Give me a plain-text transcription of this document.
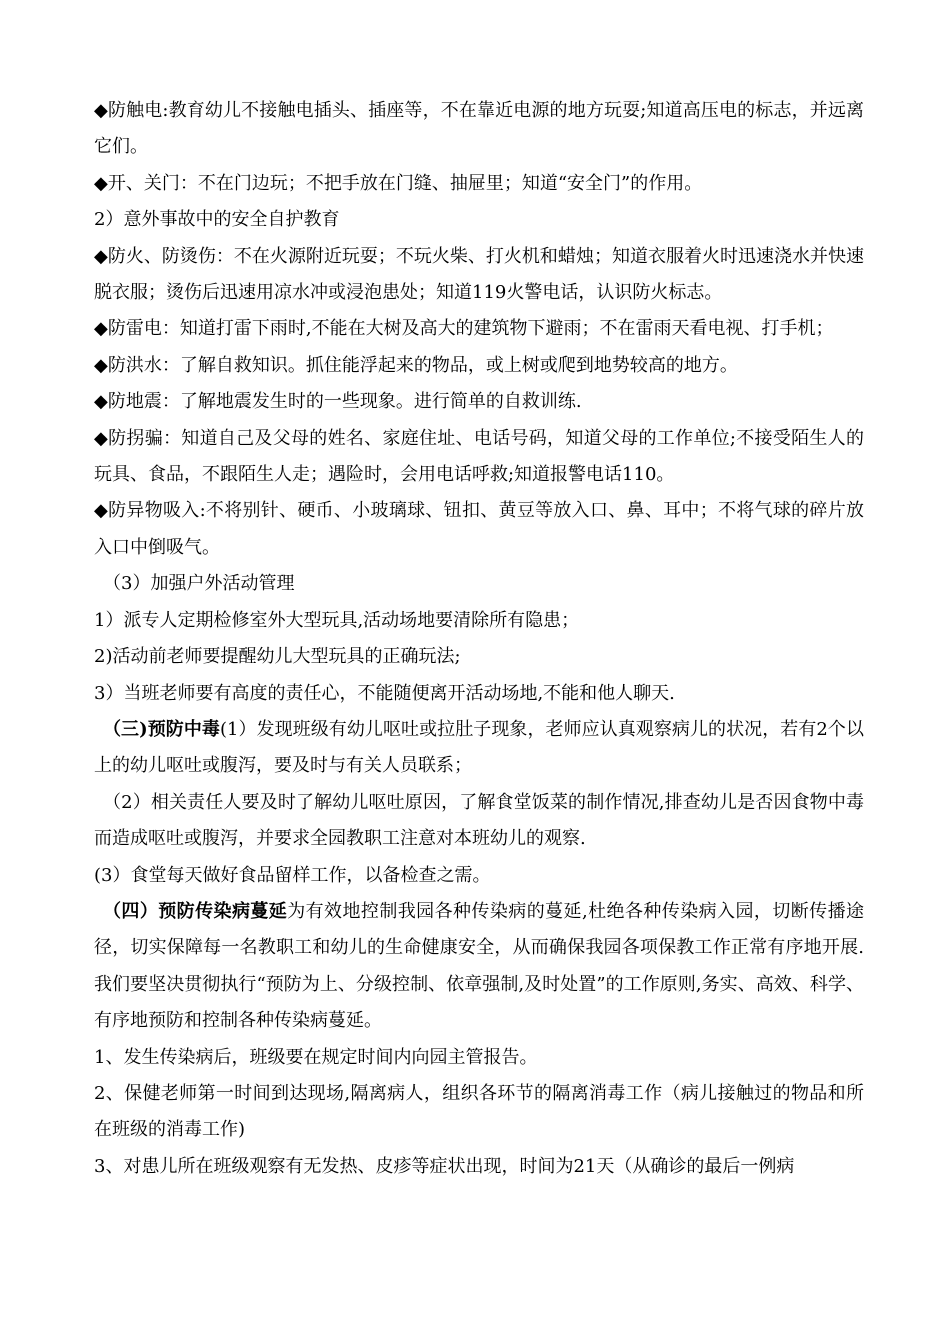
◆防触电:教育幼儿不接触电插头、插座等，不在靠近电源的地方玩耍;知道高压电的标志，并远离它们。

◆开、关门：不在门边玩；不把手放在门缝、抽屉里；知道“安全门”的作用。

2）意外事故中的安全自护教育

◆防火、防烫伤：不在火源附近玩耍；不玩火柴、打火机和蜡烛；知道衣服着火时迅速浇水并快速脱衣服；烫伤后迅速用凉水冲或浸泡患处；知道119火警电话，认识防火标志。

◆防雷电：知道打雷下雨时,不能在大树及高大的建筑物下避雨；不在雷雨天看电视、打手机；

◆防洪水：了解自救知识。抓住能浮起来的物品，或上树或爬到地势较高的地方。

◆防地震：了解地震发生时的一些现象。进行简单的自救训练.

◆防拐骗：知道自己及父母的姓名、家庭住址、电话号码，知道父母的工作单位;不接受陌生人的玩具、食品，不跟陌生人走；遇险时，会用电话呼救;知道报警电话110。

◆防异物吸入:不将别针、硬币、小玻璃球、钮扣、黄豆等放入口、鼻、耳中；不将气球的碎片放入口中倒吸气。

（3）加强户外活动管理

1）派专人定期检修室外大型玩具,活动场地要清除所有隐患；

2)活动前老师要提醒幼儿大型玩具的正确玩法;

3）当班老师要有高度的责任心，不能随便离开活动场地,不能和他人聊天.

（三)预防中毒(1）发现班级有幼儿呕吐或拉肚子现象，老师应认真观察病儿的状况，若有2个以上的幼儿呕吐或腹泻，要及时与有关人员联系；

（2）相关责任人要及时了解幼儿呕吐原因，了解食堂饭菜的制作情况,排查幼儿是否因食物中毒而造成呕吐或腹泻，并要求全园教职工注意对本班幼儿的观察.

(3）食堂每天做好食品留样工作，以备检查之需。

（四）预防传染病蔓延为有效地控制我园各种传染病的蔓延,杜绝各种传染病入园，切断传播途径，切实保障每一名教职工和幼儿的生命健康安全，从而确保我园各项保教工作正常有序地开展.我们要坚决贯彻执行“预防为上、分级控制、依章强制,及时处置”的工作原则,务实、高效、科学、有序地预防和控制各种传染病蔓延。

1、发生传染病后，班级要在规定时间内向园主管报告。

2、保健老师第一时间到达现场,隔离病人，组织各环节的隔离消毒工作（病儿接触过的物品和所在班级的消毒工作)

3、对患儿所在班级观察有无发热、皮疹等症状出现，时间为21天（从确诊的最后一例病
